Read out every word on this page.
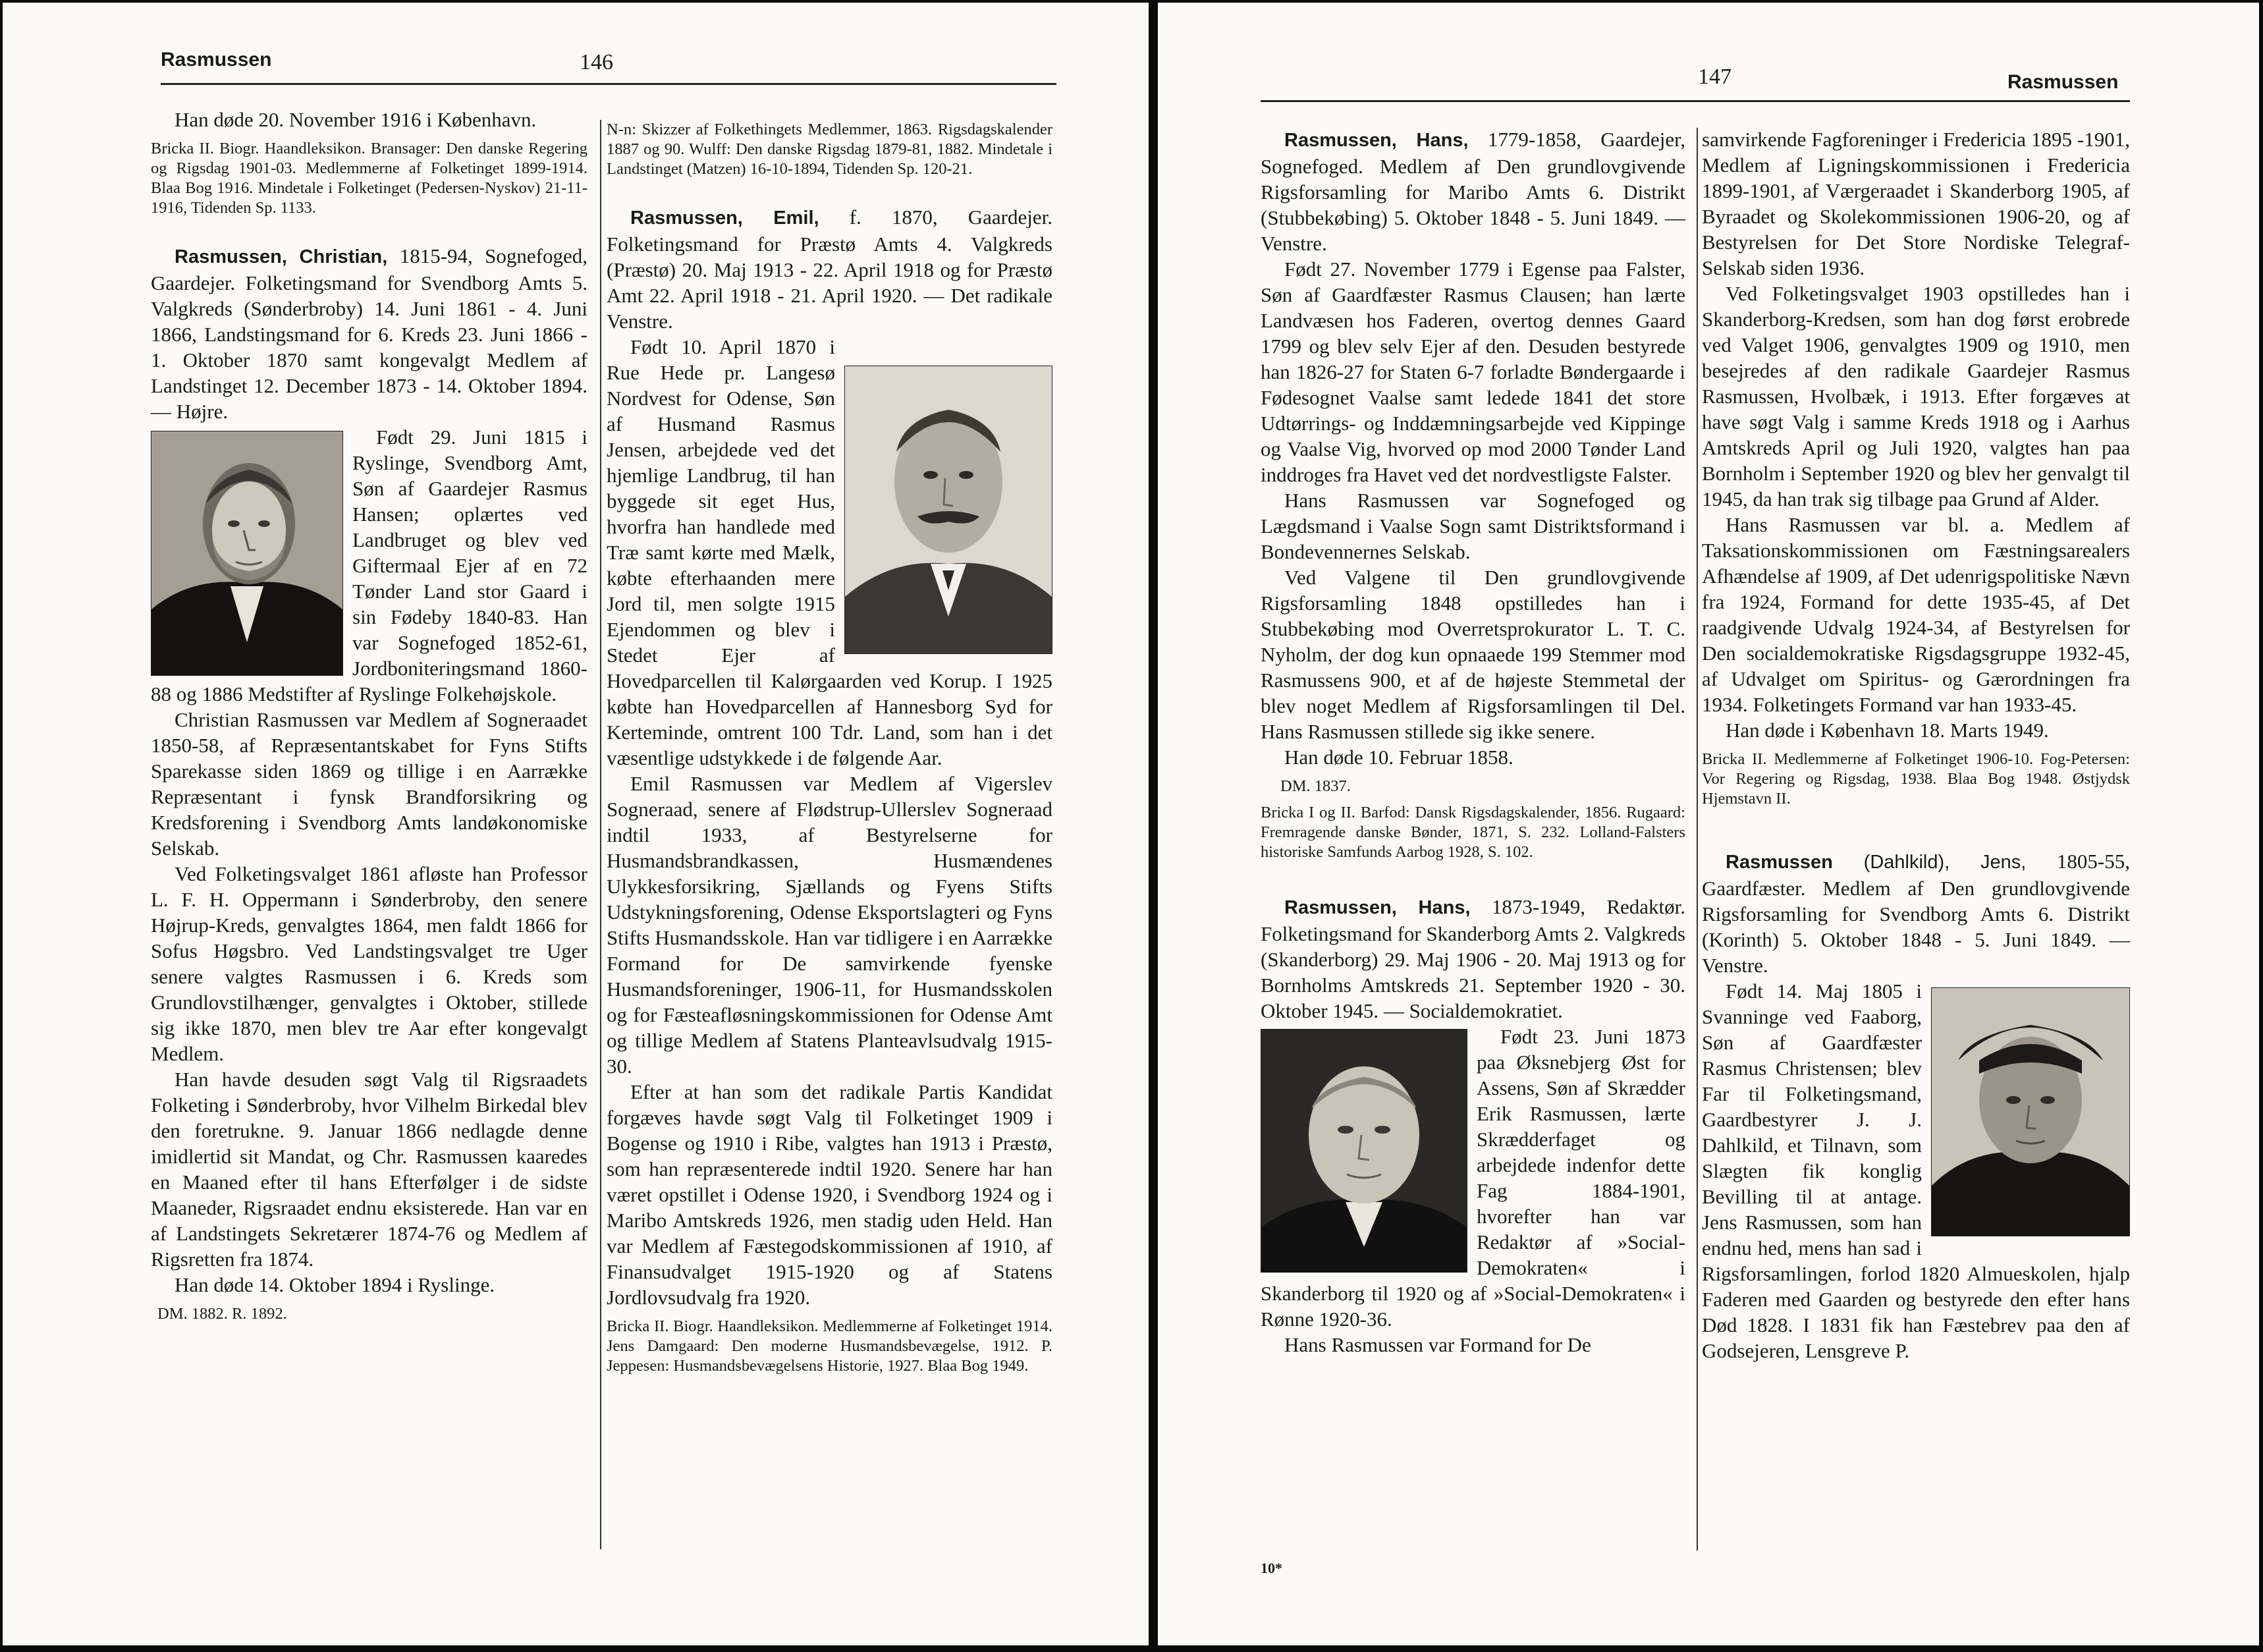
Rasmussen	146

Han døde 20. November 1916 i København.

Bricka II. Biogr. Haandleksikon. Bransager: Den danske Regering og Rigsdag 1901-03. Medlemmerne af Folketinget 1899-1914. Blaa Bog 1916. Mindetale i Folketinget (Pedersen-Nyskov) 21-11-1916, Tidenden Sp. 1133.

Rasmussen, Christian, 1815-94, Sognefoged, Gaardejer. Folketingsmand for Svendborg Amts 5. Valgkreds (Sønderbroby) 14. Juni 1861 - 4. Juni 1866, Landstingsmand for 6. Kreds 23. Juni 1866 - 1. Oktober 1870 samt kongevalgt Medlem af Landstinget 12. December 1873 - 14. Oktober 1894. — Højre.

Født 29. Juni 1815 i Ryslinge, Svendborg Amt, Søn af Gaardejer Rasmus Hansen; oplærtes ved Landbruget og blev ved Giftermaal Ejer af en 72 Tønder Land stor Gaard i sin Fødeby 1840-83. Han var Sognefoged 1852-61, Jordboniteringsmand 1860-88 og 1886 Medstifter af Ryslinge Folkehøjskole.

Christian Rasmussen var Medlem af Sogneraadet 1850-58, af Repræsentantskabet for Fyns Stifts Sparekasse siden 1869 og tillige i en Aarrække Repræsentant i fynsk Brandforsikring og Kredsforening i Svendborg Amts landøkonomiske Selskab.

Ved Folketingsvalget 1861 afløste han Professor L. F. H. Oppermann i Sønderbroby, den senere Højrup-Kreds, genvalgtes 1864, men faldt 1866 for Sofus Høgsbro. Ved Landstingsvalget tre Uger senere valgtes Rasmussen i 6. Kreds som Grundlovstilhænger, genvalgtes i Oktober, stillede sig ikke 1870, men blev tre Aar efter kongevalgt Medlem.

Han havde desuden søgt Valg til Rigsraadets Folketing i Sønderbroby, hvor Vilhelm Birkedal blev den foretrukne. 9. Januar 1866 nedlagde denne imidlertid sit Mandat, og Chr. Rasmussen kaaredes en Maaned efter til hans Efterfølger i de sidste Maaneder, Rigsraadet endnu eksisterede. Han var en af Landstingets Sekretærer 1874-76 og Medlem af Rigsretten fra 1874.

Han døde 14. Oktober 1894 i Ryslinge.

DM. 1882. R. 1892.

N-n: Skizzer af Folkethingets Medlemmer, 1863. Rigsdagskalender 1887 og 90. Wulff: Den danske Rigsdag 1879-81, 1882. Mindetale i Landstinget (Matzen) 16-10-1894, Tidenden Sp. 120-21.

Rasmussen, Emil, f. 1870, Gaardejer. Folketingsmand for Præstø Amts 4. Valgkreds (Præstø) 20. Maj 1913 - 22. April 1918 og for Præstø Amt 22. April 1918 - 21. April 1920. — Det radikale Venstre.

Født 10. April 1870 i Rue Hede pr. Langesø Nordvest for Odense, Søn af Husmand Rasmus Jensen, arbejdede ved det hjemlige Landbrug, til han byggede sit eget Hus, hvorfra han handlede med Træ samt kørte med Mælk, købte efterhaanden mere Jord til, men solgte 1915 Ejendommen og blev i Stedet Ejer af Hovedparcellen til Kalørgaarden ved Korup. I 1925 købte han Hovedparcellen af Hannesborg Syd for Kerteminde, omtrent 100 Tdr. Land, som han i det væsentlige udstykkede i de følgende Aar.

Emil Rasmussen var Medlem af Vigerslev Sogneraad, senere af Flødstrup-Ullerslev Sogneraad indtil 1933, af Bestyrelserne for Husmandsbrandkassen, Husmændenes Ulykkesforsikring, Sjællands og Fyens Stifts Udstykningsforening, Odense Eksportslagteri og Fyns Stifts Husmandsskole. Han var tidligere i en Aarrække Formand for De samvirkende fyenske Husmandsforeninger, 1906-11, for Husmandsskolen og for Fæsteafløsningskommissionen for Odense Amt og tillige Medlem af Statens Planteavlsudvalg 1915-30.

Efter at han som det radikale Partis Kandidat forgæves havde søgt Valg til Folketinget 1909 i Bogense og 1910 i Ribe, valgtes han 1913 i Præstø, som han repræsenterede indtil 1920. Senere har han været opstillet i Odense 1920, i Svendborg 1924 og i Maribo Amtskreds 1926, men stadig uden Held. Han var Medlem af Fæstegodskommissionen af 1910, af Finansudvalget 1915-1920 og af Statens Jordlovsudvalg fra 1920.

Bricka II. Biogr. Haandleksikon. Medlemmerne af Folketinget 1914. Jens Damgaard: Den moderne Husmandsbevægelse, 1912. P. Jeppesen: Husmandsbevægelsens Historie, 1927. Blaa Bog 1949.

147	Rasmussen

Rasmussen, Hans, 1779-1858, Gaardejer, Sognefoged. Medlem af Den grundlovgivende Rigsforsamling for Maribo Amts 6. Distrikt (Stubbekøbing) 5. Oktober 1848 - 5. Juni 1849. — Venstre.

Født 27. November 1779 i Egense paa Falster, Søn af Gaardfæster Rasmus Clausen; han lærte Landvæsen hos Faderen, overtog dennes Gaard 1799 og blev selv Ejer af den. Desuden bestyrede han 1826-27 for Staten 6-7 forladte Bøndergaarde i Fødesognet Vaalse samt ledede 1841 det store Udtørrings- og Inddæmningsarbejde ved Kippinge og Vaalse Vig, hvorved op mod 2000 Tønder Land inddroges fra Havet ved det nordvestligste Falster.

Hans Rasmussen var Sognefoged og Lægdsmand i Vaalse Sogn samt Distriktsformand i Bondevennernes Selskab.

Ved Valgene til Den grundlovgivende Rigsforsamling 1848 opstilledes han i Stubbekøbing mod Overretsprokurator L. T. C. Nyholm, der dog kun opnaaede 199 Stemmer mod Rasmussens 900, et af de højeste Stemmetal der blev noget Medlem af Rigsforsamlingen til Del. Hans Rasmussen stillede sig ikke senere.

Han døde 10. Februar 1858.

DM. 1837.

Bricka I og II. Barfod: Dansk Rigsdagskalender, 1856. Rugaard: Fremragende danske Bønder, 1871, S. 232. Lolland-Falsters historiske Samfunds Aarbog 1928, S. 102.

Rasmussen, Hans, 1873-1949, Redaktør. Folketingsmand for Skanderborg Amts 2. Valgkreds (Skanderborg) 29. Maj 1906 - 20. Maj 1913 og for Bornholms Amtskreds 21. September 1920 - 30. Oktober 1945. — Socialdemokratiet.

Født 23. Juni 1873 paa Øksnebjerg Øst for Assens, Søn af Skrædder Erik Rasmussen, lærte Skrædderfaget og arbejdede indenfor dette Fag 1884-1901, hvorefter han var Redaktør af »Social-Demokraten« i Skanderborg til 1920 og af »Social-Demokraten« i Rønne 1920-36.

Hans Rasmussen var Formand for De

samvirkende Fagforeninger i Fredericia 1895 -1901, Medlem af Ligningskommissionen i Fredericia 1899-1901, af Værgeraadet i Skanderborg 1905, af Byraadet og Skolekommissionen 1906-20, og af Bestyrelsen for Det Store Nordiske Telegraf-Selskab siden 1936.

Ved Folketingsvalget 1903 opstilledes han i Skanderborg-Kredsen, som han dog først erobrede ved Valget 1906, genvalgtes 1909 og 1910, men besejredes af den radikale Gaardejer Rasmus Rasmussen, Hvolbæk, i 1913. Efter forgæves at have søgt Valg i samme Kreds 1918 og i Aarhus Amtskreds April og Juli 1920, valgtes han paa Bornholm i September 1920 og blev her genvalgt til 1945, da han trak sig tilbage paa Grund af Alder.

Hans Rasmussen var bl. a. Medlem af Taksationskommissionen om Fæstningsarealers Afhændelse af 1909, af Det udenrigspolitiske Nævn fra 1924, Formand for dette 1935-45, af Det raadgivende Udvalg 1924-34, af Bestyrelsen for Den socialdemokratiske Rigsdagsgruppe 1932-45, af Udvalget om Spiritus- og Gærordningen fra 1934. Folketingets Formand var han 1933-45.

Han døde i København 18. Marts 1949.

Bricka II. Medlemmerne af Folketinget 1906-10. Fog-Petersen: Vor Regering og Rigsdag, 1938. Blaa Bog 1948. Østjydsk Hjemstavn II.

Rasmussen (Dahlkild), Jens, 1805-55, Gaardfæster. Medlem af Den grundlovgivende Rigsforsamling for Svendborg Amts 6. Distrikt (Korinth) 5. Oktober 1848 - 5. Juni 1849. — Venstre.

Født 14. Maj 1805 i Svanninge ved Faaborg, Søn af Gaardfæster Rasmus Christensen; blev Far til Folketingsmand, Gaardbestyrer J. J. Dahlkild, et Tilnavn, som Slægten fik konglig Bevilling til at antage. Jens Rasmussen, som han endnu hed, mens han sad i Rigsforsamlingen, forlod 1820 Almueskolen, hjalp Faderen med Gaarden og bestyrede den efter hans Død 1828. I 1831 fik han Fæstebrev paa den af Godsejeren, Lensgreve P.

10*
